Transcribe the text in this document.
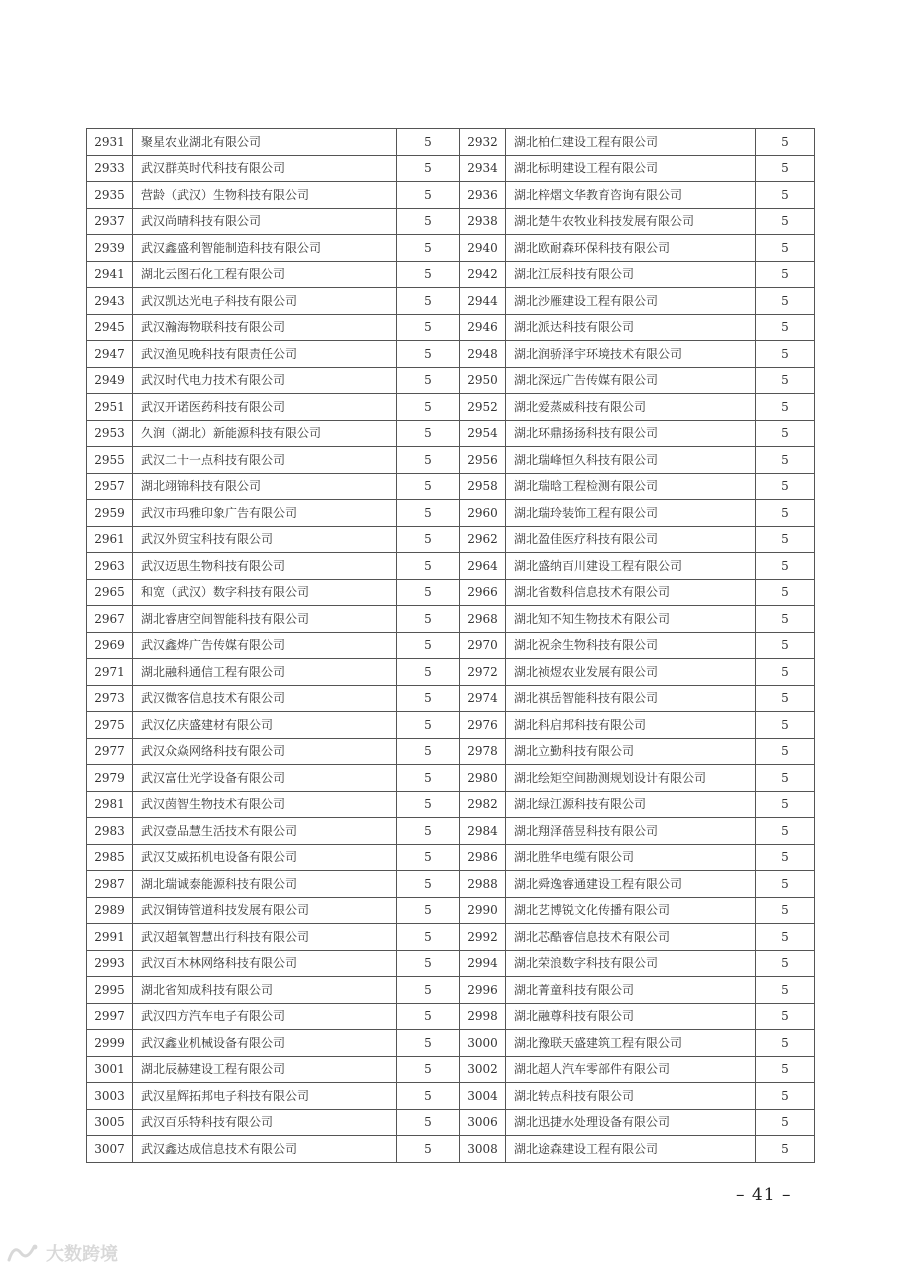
2931	聚星农业湖北有限公司	5	2932	湖北柏仁建设工程有限公司	5
2933	武汉群英时代科技有限公司	5	2934	湖北标明建设工程有限公司	5
2935	营龄（武汉）生物科技有限公司	5	2936	湖北梓熠文华教育咨询有限公司	5
2937	武汉尚晴科技有限公司	5	2938	湖北楚牛农牧业科技发展有限公司	5
2939	武汉鑫盛利智能制造科技有限公司	5	2940	湖北欧耐森环保科技有限公司	5
2941	湖北云图石化工程有限公司	5	2942	湖北江辰科技有限公司	5
2943	武汉凯达光电子科技有限公司	5	2944	湖北沙雁建设工程有限公司	5
2945	武汉瀚海物联科技有限公司	5	2946	湖北派达科技有限公司	5
2947	武汉渔见晚科技有限责任公司	5	2948	湖北润骄泽宇环境技术有限公司	5
2949	武汉时代电力技术有限公司	5	2950	湖北深远广告传媒有限公司	5
2951	武汉开诺医药科技有限公司	5	2952	湖北爱蒸威科技有限公司	5
2953	久润（湖北）新能源科技有限公司	5	2954	湖北环鼎扬扬科技有限公司	5
2955	武汉二十一点科技有限公司	5	2956	湖北瑞峰恒久科技有限公司	5
2957	湖北翊锦科技有限公司	5	2958	湖北瑞晗工程检测有限公司	5
2959	武汉市玛雅印象广告有限公司	5	2960	湖北瑞玲装饰工程有限公司	5
2961	武汉外贸宝科技有限公司	5	2962	湖北盈佳医疗科技有限公司	5
2963	武汉迈思生物科技有限公司	5	2964	湖北盛纳百川建设工程有限公司	5
2965	和宽（武汉）数字科技有限公司	5	2966	湖北省数科信息技术有限公司	5
2967	湖北睿唐空间智能科技有限公司	5	2968	湖北知不知生物技术有限公司	5
2969	武汉鑫烨广告传媒有限公司	5	2970	湖北祝余生物科技有限公司	5
2971	湖北融科通信工程有限公司	5	2972	湖北祯煜农业发展有限公司	5
2973	武汉微客信息技术有限公司	5	2974	湖北祺岳智能科技有限公司	5
2975	武汉亿庆盛建材有限公司	5	2976	湖北科启邦科技有限公司	5
2977	武汉众焱网络科技有限公司	5	2978	湖北立勤科技有限公司	5
2979	武汉富仕光学设备有限公司	5	2980	湖北绘矩空间勘测规划设计有限公司	5
2981	武汉茵智生物技术有限公司	5	2982	湖北绿江源科技有限公司	5
2983	武汉壹品慧生活技术有限公司	5	2984	湖北翔泽蓓昱科技有限公司	5
2985	武汉艾威拓机电设备有限公司	5	2986	湖北胜华电缆有限公司	5
2987	湖北瑞诚泰能源科技有限公司	5	2988	湖北舜逸睿通建设工程有限公司	5
2989	武汉铜铸管道科技发展有限公司	5	2990	湖北艺博锐文化传播有限公司	5
2991	武汉超氧智慧出行科技有限公司	5	2992	湖北芯酷睿信息技术有限公司	5
2993	武汉百木林网络科技有限公司	5	2994	湖北荣浪数字科技有限公司	5
2995	湖北省知成科技有限公司	5	2996	湖北菁童科技有限公司	5
2997	武汉四方汽车电子有限公司	5	2998	湖北融尊科技有限公司	5
2999	武汉鑫业机械设备有限公司	5	3000	湖北豫联天盛建筑工程有限公司	5
3001	湖北辰赫建设工程有限公司	5	3002	湖北超人汽车零部件有限公司	5
3003	武汉星辉拓邦电子科技有限公司	5	3004	湖北转点科技有限公司	5
3005	武汉百乐特科技有限公司	5	3006	湖北迅捷水处理设备有限公司	5
3007	武汉鑫达成信息技术有限公司	5	3008	湖北途森建设工程有限公司	5
– 41 –
大数跨境
